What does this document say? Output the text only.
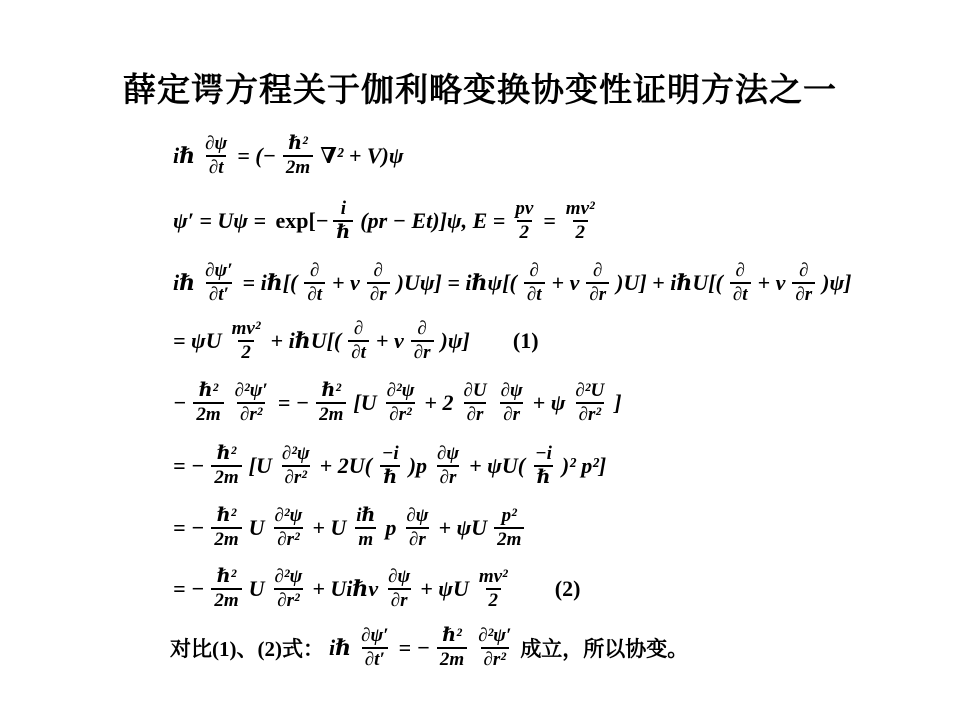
薛定谔方程关于伽利略变换协变性证明方法之一
iℏ $\frac{\partial\psi}{\partial t}$ = (− $\frac{\text{ℏ²}}{2m} \nabla^2 + V)\psi$
$\psi' = U\psi = \exp[- \frac{i}{\text{ℏ}} (pr - Et)]\psi$, $E = \frac{pv}{2} = \frac{\text{mv²}}{2}$
iℏ $\frac{\partial\psi'}{\partial t'}$ = iℏ[( $\frac{\partial}{\partial t} + v \frac{\partial}{\partial r} )U\psi$] = iℏψ[( $\frac{\partial}{\partial t} + v \frac{\partial}{\partial r} )U$] + iℏU[( $\frac{\partial}{\partial t} + v \frac{\partial}{\partial r} )\psi$]
= ψU $\frac{\text{mv²}}{2}$ + iℏU[( $\frac{\partial}{\partial t} + v \frac{\partial}{\partial r} )\psi$] (1)
− $\frac{\text{ℏ²}}{2m} \frac{\text{∂²ψ′}}{\text{∂r²}}$ = − $\frac{\text{ℏ²}}{2m} [U \frac{\text{∂²ψ}}{\text{∂r²}} + 2 \frac{\partial U}{\partial r} \frac{\partial\psi}{\partial r} + \psi \frac{\text{∂²U}}{\text{∂r²}}$ ]
= − $\frac{\text{ℏ²}}{2m} [U \frac{\text{∂²ψ}}{\text{∂r²}} + 2U( \frac{-i}{\text{ℏ}} )p \frac{\partial\psi}{\partial r} + \psi U( \frac{-i}{\text{ℏ}} )^2$ p²]
= − $\frac{\text{ℏ²}}{2m}$ U $\frac{\text{∂²ψ}}{\text{∂r²}} + U \frac{\text{iℏ}}{m}$ p $\frac{\partial\psi}{\partial r} + \psi U \frac{\text{p²}}{2m}$
= − $\frac{\text{ℏ²}}{2m}$ U $\frac{\text{∂²ψ}}{\text{∂r²}}$ + Uiℏv $\frac{\partial\psi}{\partial r} + \psi U \frac{\text{mv²}}{2} (2)$
对比(1)、(2)式： iℏ $\frac{\partial\psi'}{\partial t'}$ = − $\frac{\text{ℏ²}}{2m} \frac{\text{∂²ψ′}}{\text{∂r²}}$ 成立，所以协变。
